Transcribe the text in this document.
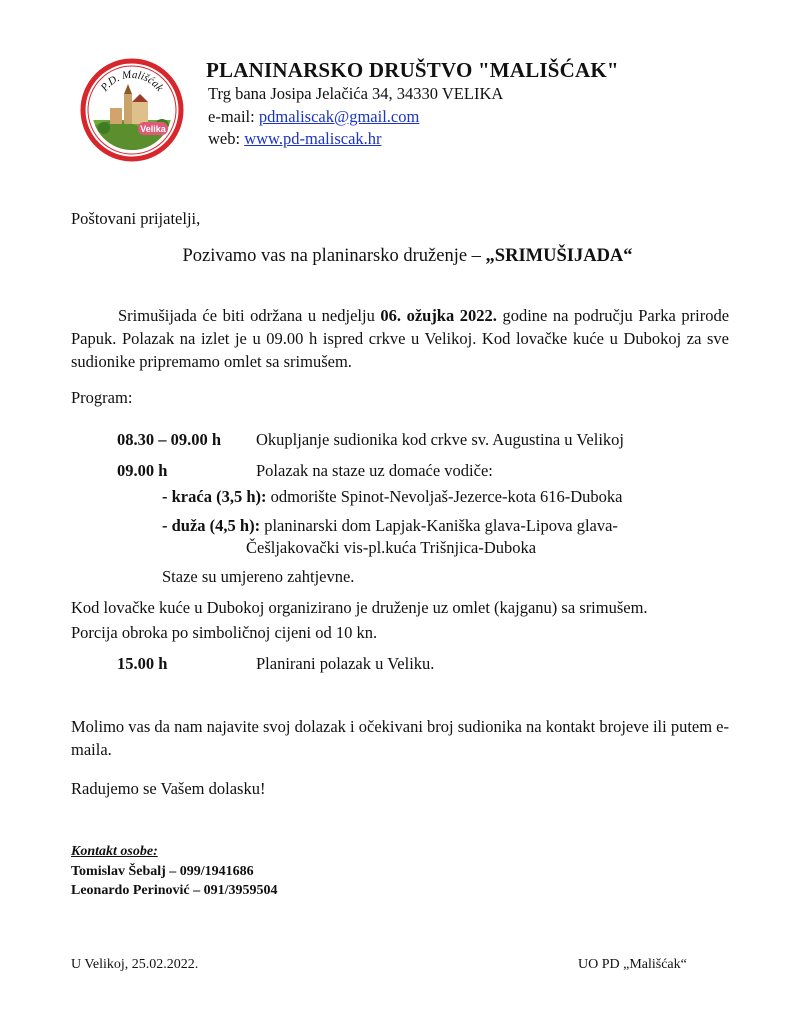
P.D. Mališćak
Velika
PLANINARSKO DRUŠTVO "MALIŠĆAK"
Trg bana Josipa Jelačića 34, 34330 VELIKA
e-mail: pdmaliscak@gmail.com
web: www.pd-maliscak.hr
Poštovani prijatelji,
Pozivamo vas na planinarsko druženje – „SRIMUŠIJADA“
Srimušijada će biti održana u nedjelju 06. ožujka 2022. godine na području Parka prirode Papuk. Polazak na izlet je u 09.00 h ispred crkve u Velikoj. Kod lovačke kuće u Dubokoj za sve sudionike pripremamo omlet sa srimušem.
Program:
08.30 – 09.00 h Okupljanje sudionika kod crkve sv. Augustina u Velikoj
09.00 h	Polazak na staze uz domaće vodiče:
- kraća (3,5 h): odmorište Spinot-Nevoljaš-Jezerce-kota 616-Duboka
- duža (4,5 h): planinarski dom Lapjak-Kaniška glava-Lipova glava-
Češljakovački vis-pl.kuća Trišnjica-Duboka
Staze su umjereno zahtjevne.
Kod lovačke kuće u Dubokoj organizirano je druženje uz omlet (kajganu) sa srimušem.
Porcija obroka po simboličnoj cijeni od 10 kn.
15.00 h	Planirani polazak u Veliku.
Molimo vas da nam najavite svoj dolazak i očekivani broj sudionika na kontakt brojeve ili putem e-maila.
Radujemo se Vašem dolasku!
Kontakt osobe:
Tomislav Šebalj – 099/1941686
Leonardo Perinović – 091/3959504
U Velikoj, 25.02.2022.	UO PD „Mališćak“
